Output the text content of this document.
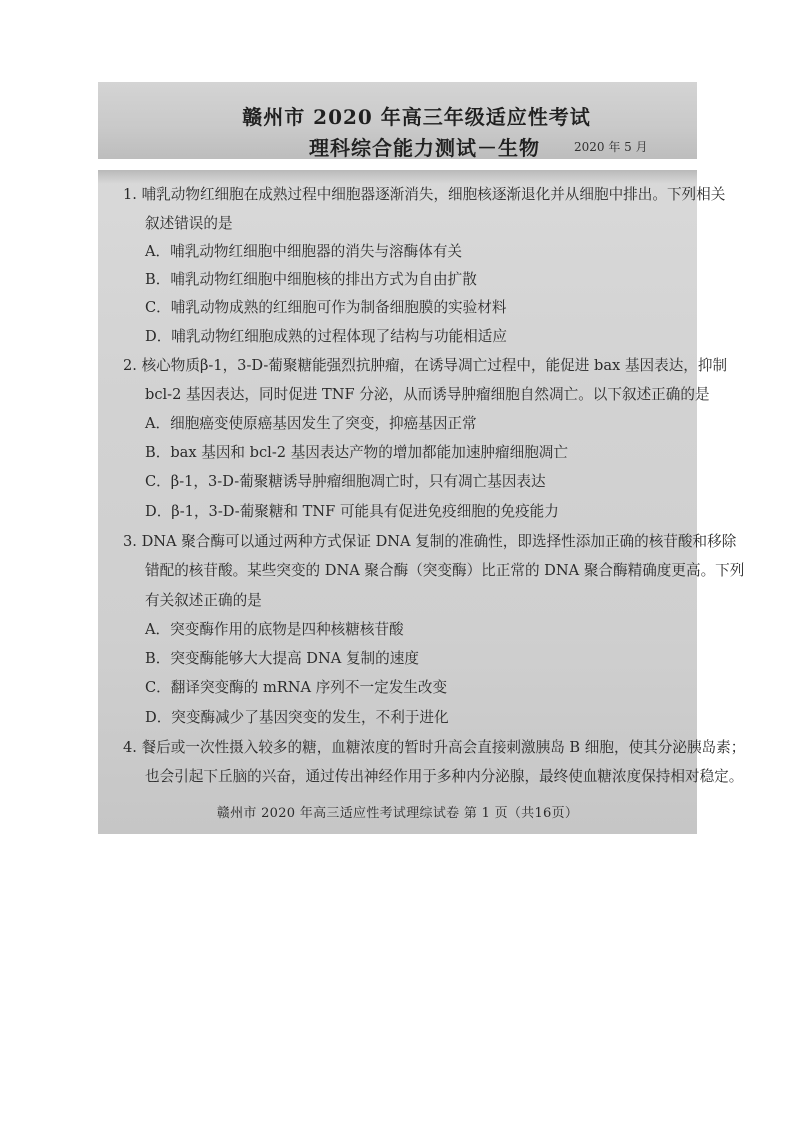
赣州市 2020 年高三年级适应性考试
理科综合能力测试－生物	2020 年 5 月
1. 哺乳动物红细胞在成熟过程中细胞器逐渐消失，细胞核逐渐退化并从细胞中排出。下列相关
叙述错误的是
A．哺乳动物红细胞中细胞器的消失与溶酶体有关
B．哺乳动物红细胞中细胞核的排出方式为自由扩散
C．哺乳动物成熟的红细胞可作为制备细胞膜的实验材料
D．哺乳动物红细胞成熟的过程体现了结构与功能相适应
2. 核心物质β-1，3-D-葡聚糖能强烈抗肿瘤，在诱导凋亡过程中，能促进 bax 基因表达，抑制
bcl-2 基因表达，同时促进 TNF 分泌，从而诱导肿瘤细胞自然凋亡。以下叙述正确的是
A．细胞癌变使原癌基因发生了突变，抑癌基因正常
B．bax 基因和 bcl-2 基因表达产物的增加都能加速肿瘤细胞凋亡
C．β-1，3-D-葡聚糖诱导肿瘤细胞凋亡时，只有凋亡基因表达
D．β-1，3-D-葡聚糖和 TNF 可能具有促进免疫细胞的免疫能力
3. DNA 聚合酶可以通过两种方式保证 DNA 复制的准确性，即选择性添加正确的核苷酸和移除
错配的核苷酸。某些突变的 DNA 聚合酶（突变酶）比正常的 DNA 聚合酶精确度更高。下列
有关叙述正确的是
A．突变酶作用的底物是四种核糖核苷酸
B．突变酶能够大大提高 DNA 复制的速度
C．翻译突变酶的 mRNA 序列不一定发生改变
D．突变酶减少了基因突变的发生，不利于进化
4. 餐后或一次性摄入较多的糖，血糖浓度的暂时升高会直接刺激胰岛 B 细胞，使其分泌胰岛素；
也会引起下丘脑的兴奋，通过传出神经作用于多种内分泌腺，最终使血糖浓度保持相对稳定。
赣州市 2020 年高三适应性考试理综试卷 第 1 页（共16页）
